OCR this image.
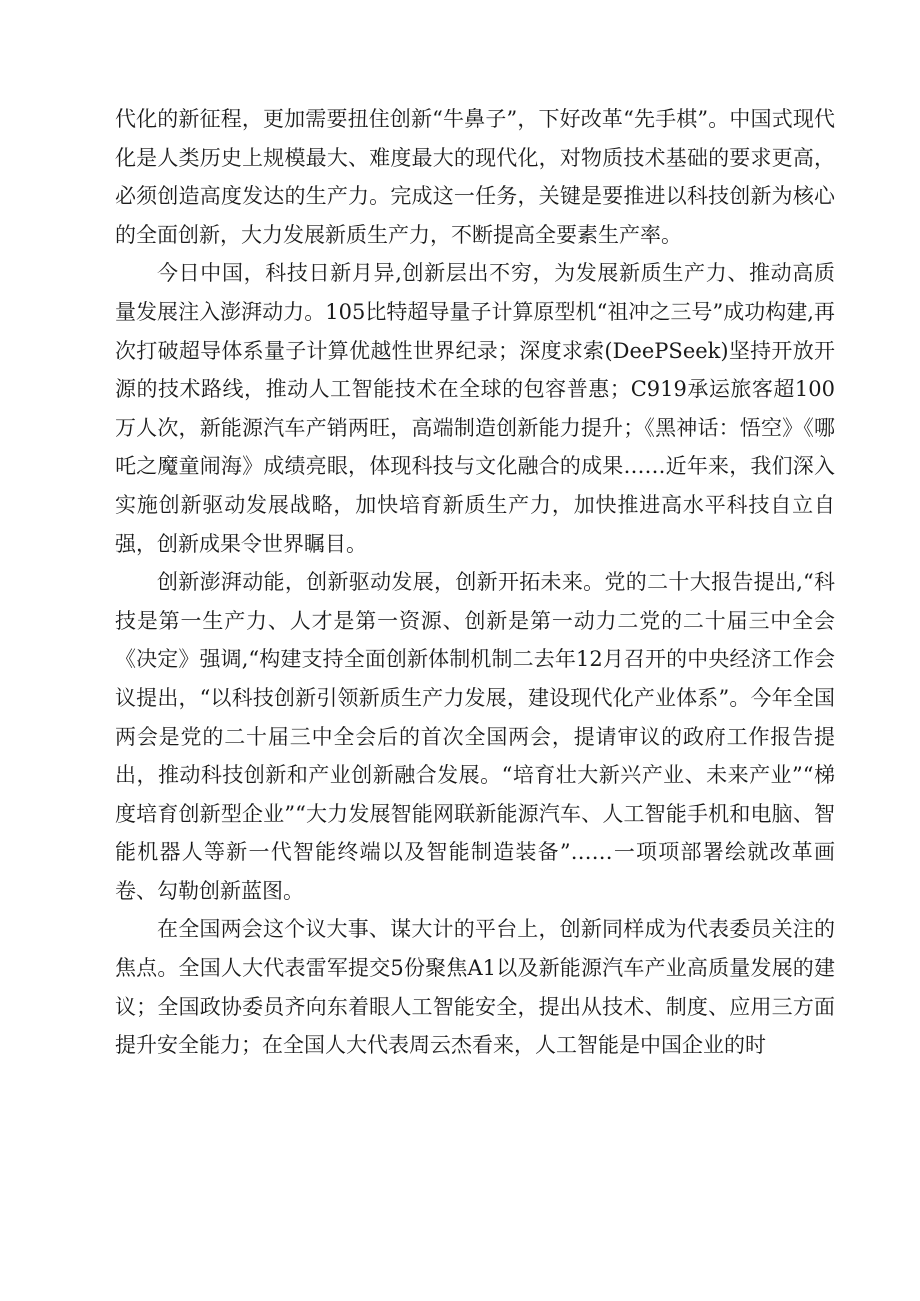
代化的新征程，更加需要扭住创新“牛鼻子”，下好改革“先手棋”。中国式现代化是人类历史上规模最大、难度最大的现代化，对物质技术基础的要求更高，必须创造高度发达的生产力。完成这一任务，关键是要推进以科技创新为核心的全面创新，大力发展新质生产力，不断提高全要素生产率。

今日中国，科技日新月异,创新层出不穷，为发展新质生产力、推动高质量发展注入澎湃动力。105比特超导量子计算原型机“祖冲之三号”成功构建,再次打破超导体系量子计算优越性世界纪录；深度求索(DeePSeek)坚持开放开源的技术路线，推动人工智能技术在全球的包容普惠；C919承运旅客超100万人次，新能源汽车产销两旺，高端制造创新能力提升；《黑神话：悟空》《哪吒之魔童闹海》成绩亮眼，体现科技与文化融合的成果……近年来，我们深入实施创新驱动发展战略，加快培育新质生产力，加快推进高水平科技自立自强，创新成果令世界瞩目。

创新澎湃动能，创新驱动发展，创新开拓未来。党的二十大报告提出,“科技是第一生产力、人才是第一资源、创新是第一动力二党的二十届三中全会《决定》强调,“构建支持全面创新体制机制二去年12月召开的中央经济工作会议提出，“以科技创新引领新质生产力发展，建设现代化产业体系”。今年全国两会是党的二十届三中全会后的首次全国两会，提请审议的政府工作报告提出，推动科技创新和产业创新融合发展。“培育壮大新兴产业、未来产业”“梯度培育创新型企业”“大力发展智能网联新能源汽车、人工智能手机和电脑、智能机器人等新一代智能终端以及智能制造装备”……一项项部署绘就改革画卷、勾勒创新蓝图。

在全国两会这个议大事、谋大计的平台上，创新同样成为代表委员关注的焦点。全国人大代表雷军提交5份聚焦A1以及新能源汽车产业高质量发展的建议；全国政协委员齐向东着眼人工智能安全，提出从技术、制度、应用三方面提升安全能力；在全国人大代表周云杰看来，人工智能是中国企业的时
